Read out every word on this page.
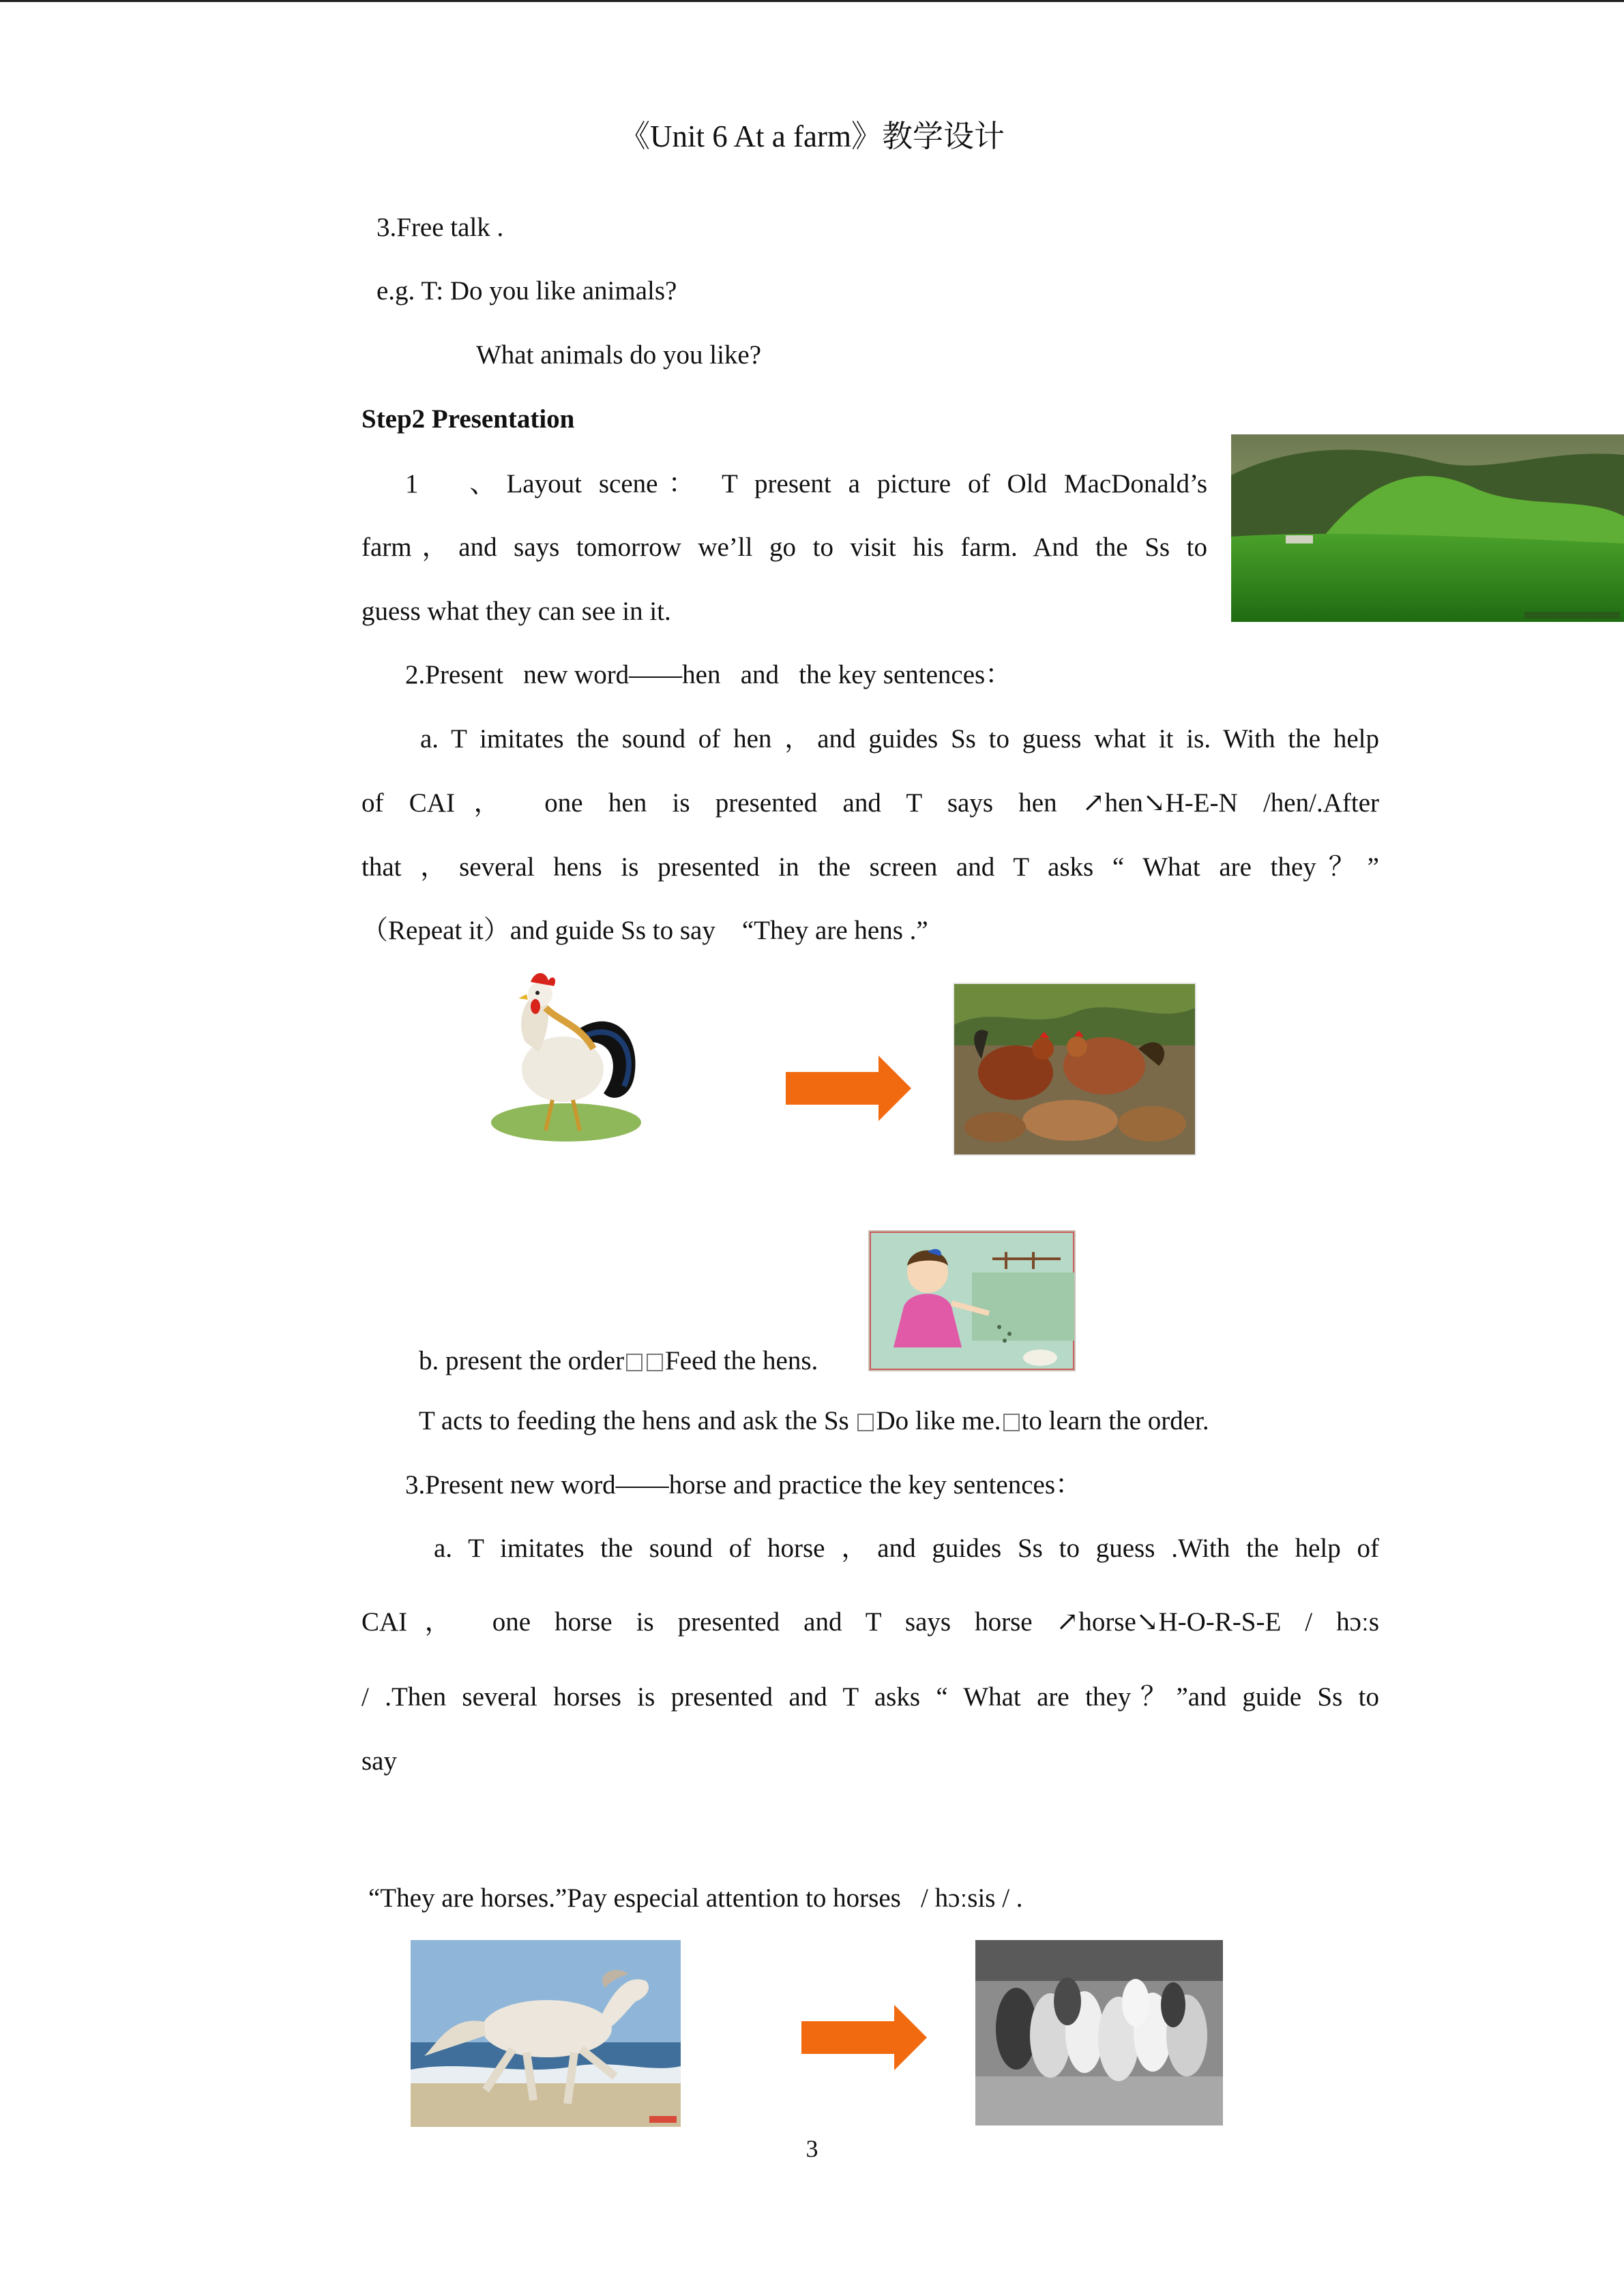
《Unit 6 At a farm》教学设计
3.Free talk .
e.g. T: Do you like animals?
What animals do you like?
Step2 Presentation
1   、Layout scene： T present a picture of Old MacDonald’s
farm，and says tomorrow we’ll go to visit his farm. And the Ss to
guess what they can see in it.
2.Present   new word——hen   and   the key sentences：
a. T imitates the sound of hen ，and guides Ss to guess what it is. With the help
of CAI， one hen is presented and T says hen ↗hen↘H-E-N /hen/.After
that ，several hens is presented in the screen and T asks “ What are they？”
（Repeat it）and guide Ss to say    “They are hens .”
b. present the order Feed the hens.
T acts to feeding the hens and ask the Ss Do like me. to learn the order.
3.Present new word——horse and practice the key sentences：
a. T imitates the sound of horse ，and guides Ss to guess .With the help of
CAI， one horse is presented and T says horse ↗horse↘H-O-R-S-E / hɔːs
/ .Then several horses is presented and T asks “ What are they？”and guide Ss to
say
“They are horses.”Pay especial attention to horses   / hɔːsis / .
3
